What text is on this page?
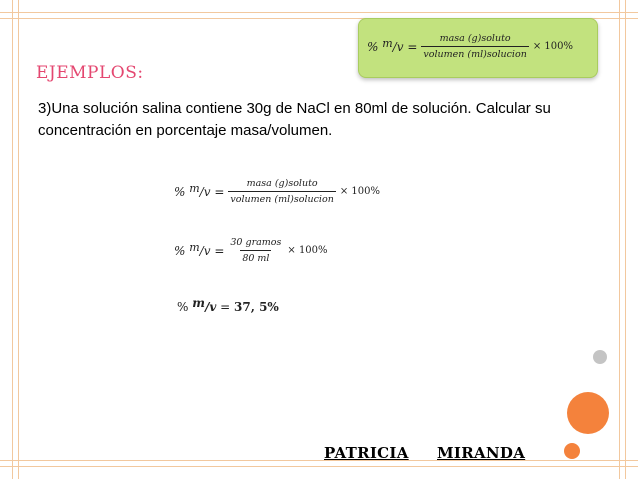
% $m/v = \frac{\text{masa (g)soluto}}{\text{volumen (ml)solucion}} \times 100\%$
EJEMPLOS:
3)Una solución salina contiene 30g de NaCl en 80ml de solución. Calcular su concentración en porcentaje masa/volumen.
% $m/v = \frac{\text{masa (g)soluto}}{\text{volumen (ml)solucion}} \times 100\%$
% $m/v = \frac{\text{30 gramos}}{80 ml} \times 100\%$
%
m / v
=
37, 5%
PATRICIA MIRANDA
